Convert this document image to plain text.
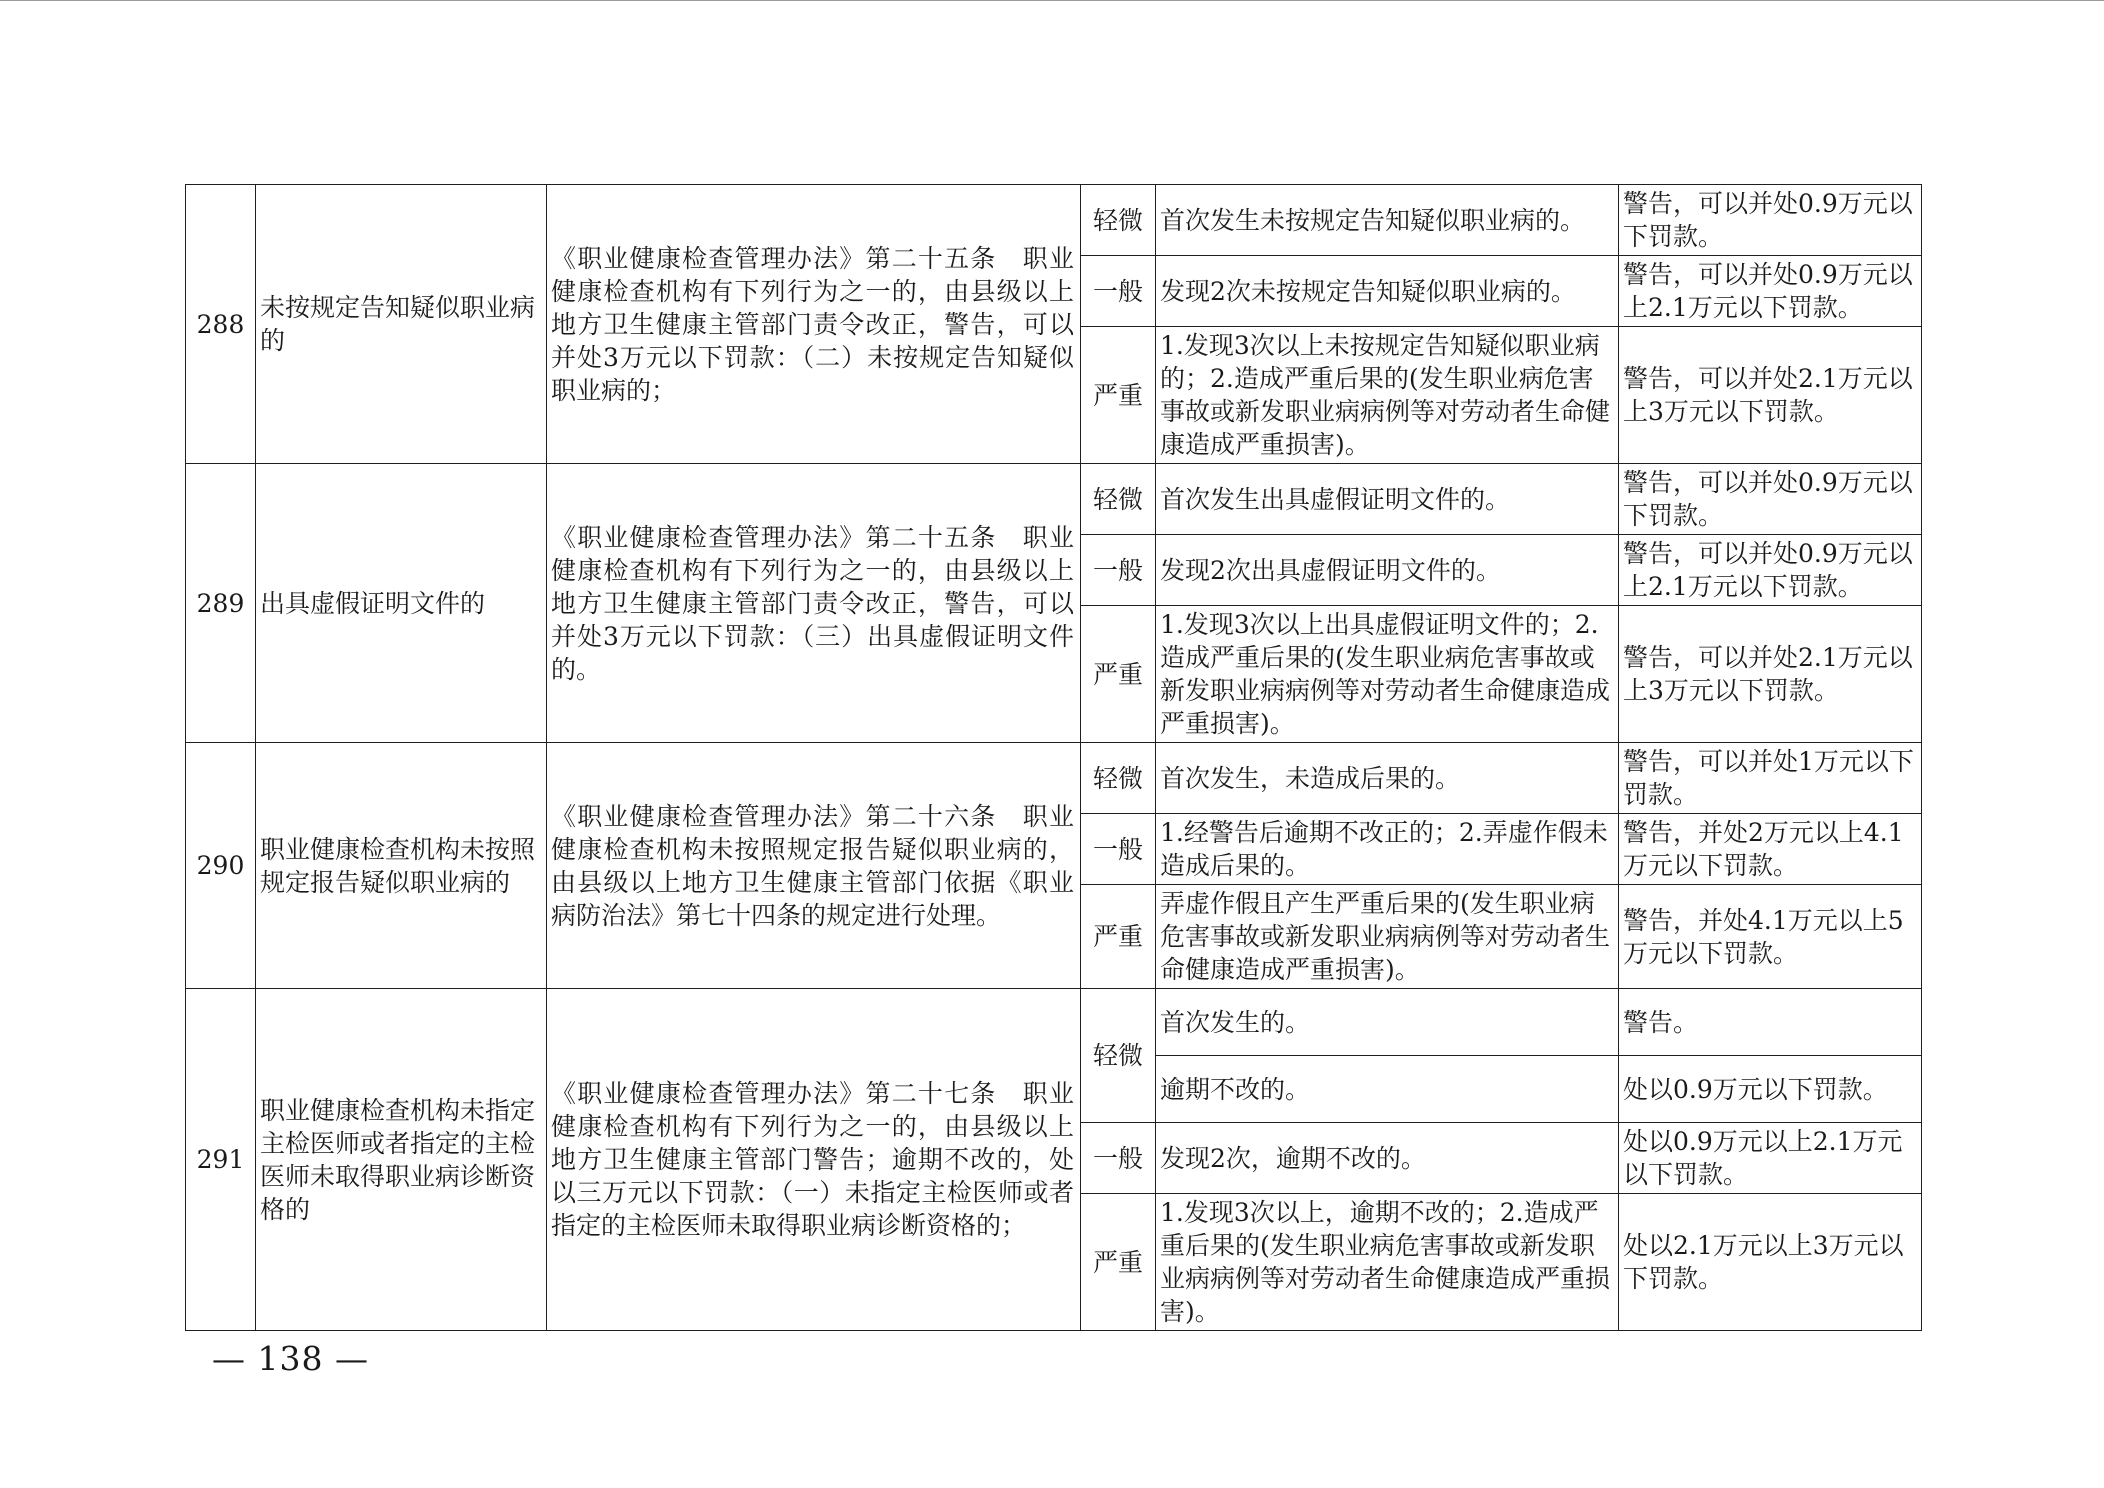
288	未按规定告知疑似职业病的	《职业健康检查管理办法》第二十五条　职业健康检查机构有下列行为之一的，由县级以上地方卫生健康主管部门责令改正，警告，可以并处3万元以下罚款：（二）未按规定告知疑似职业病的；	轻微	首次发生未按规定告知疑似职业病的。	警告，可以并处0.9万元以下罚款。
			一般	发现2次未按规定告知疑似职业病的。	警告，可以并处0.9万元以上2.1万元以下罚款。
			严重	1.发现3次以上未按规定告知疑似职业病的；2.造成严重后果的(发生职业病危害事故或新发职业病病例等对劳动者生命健康造成严重损害)。	警告，可以并处2.1万元以上3万元以下罚款。
289	出具虚假证明文件的	《职业健康检查管理办法》第二十五条　职业健康检查机构有下列行为之一的，由县级以上地方卫生健康主管部门责令改正，警告，可以并处3万元以下罚款：（三）出具虚假证明文件的。	轻微	首次发生出具虚假证明文件的。	警告，可以并处0.9万元以下罚款。
			一般	发现2次出具虚假证明文件的。	警告，可以并处0.9万元以上2.1万元以下罚款。
			严重	1.发现3次以上出具虚假证明文件的；2.造成严重后果的(发生职业病危害事故或新发职业病病例等对劳动者生命健康造成严重损害)。	警告，可以并处2.1万元以上3万元以下罚款。
290	职业健康检查机构未按照规定报告疑似职业病的	《职业健康检查管理办法》第二十六条　职业健康检查机构未按照规定报告疑似职业病的，由县级以上地方卫生健康主管部门依据《职业病防治法》第七十四条的规定进行处理。	轻微	首次发生，未造成后果的。	警告，可以并处1万元以下罚款。
			一般	1.经警告后逾期不改正的；2.弄虚作假未造成后果的。	警告，并处2万元以上4.1万元以下罚款。
			严重	弄虚作假且产生严重后果的(发生职业病危害事故或新发职业病病例等对劳动者生命健康造成严重损害)。	警告，并处4.1万元以上5万元以下罚款。
291	职业健康检查机构未指定主检医师或者指定的主检医师未取得职业病诊断资格的	《职业健康检查管理办法》第二十七条　职业健康检查机构有下列行为之一的，由县级以上地方卫生健康主管部门警告；逾期不改的，处以三万元以下罚款：（一）未指定主检医师或者指定的主检医师未取得职业病诊断资格的；	轻微	首次发生的。	警告。
				逾期不改的。	处以0.9万元以下罚款。
			一般	发现2次，逾期不改的。	处以0.9万元以上2.1万元以下罚款。
			严重	1.发现3次以上，逾期不改的；2.造成严重后果的(发生职业病危害事故或新发职业病病例等对劳动者生命健康造成严重损害)。	处以2.1万元以上3万元以下罚款。
— 138 —
